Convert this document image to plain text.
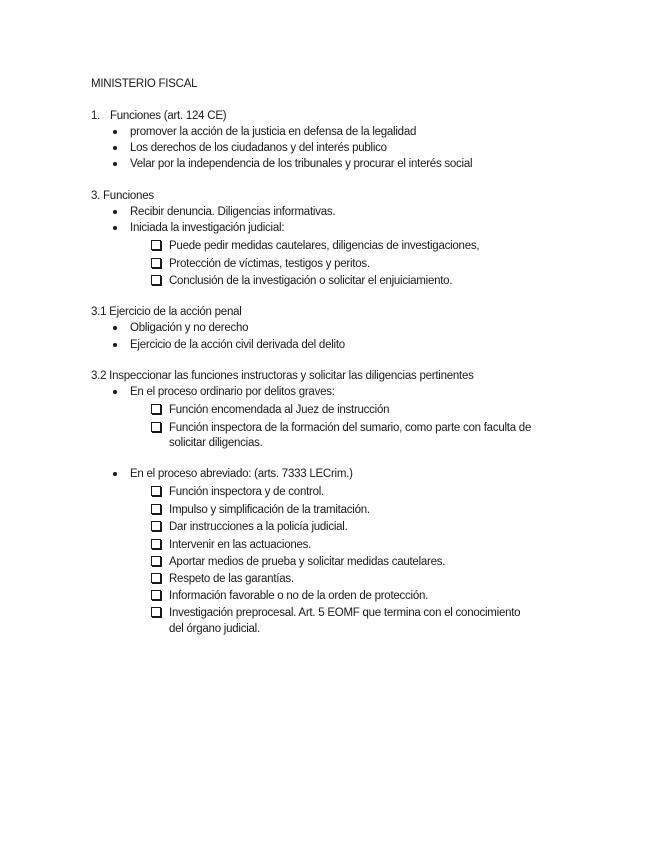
MINISTERIO FISCAL
1. Funciones (art. 124 CE)
promover la acción de la justicia en defensa de la legalidad
Los derechos de los ciudadanos y del interés publico
Velar por la independencia de los tribunales y procurar el interés social
3. Funciones
Recibir denuncia. Diligencias informativas.
Iniciada la investigación judicial:
Puede pedir medidas cautelares, diligencias de investigaciones,
Protección de víctimas, testigos y peritos.
Conclusión de la investigación o solicitar el enjuiciamiento.
3.1 Ejercicio de la acción penal
Obligación y no derecho
Ejercicio de la acción civil derivada del delito
3.2 Inspeccionar las funciones instructoras y solicitar las diligencias pertinentes
En el proceso ordinario por delitos graves:
Función encomendada al Juez de instrucción
Función inspectora de la formación del sumario, como parte con faculta de
solicitar diligencias.
En el proceso abreviado: (arts. 7333 LECrim.)
Función inspectora y de control.
Impulso y simplificación de la tramitación.
Dar instrucciones a la policía judicial.
Intervenir en las actuaciones.
Aportar medios de prueba y solicitar medidas cautelares.
Respeto de las garantías.
Información favorable o no de la orden de protección.
Investigación preprocesal. Art. 5 EOMF que termina con el conocimiento
del órgano judicial.
